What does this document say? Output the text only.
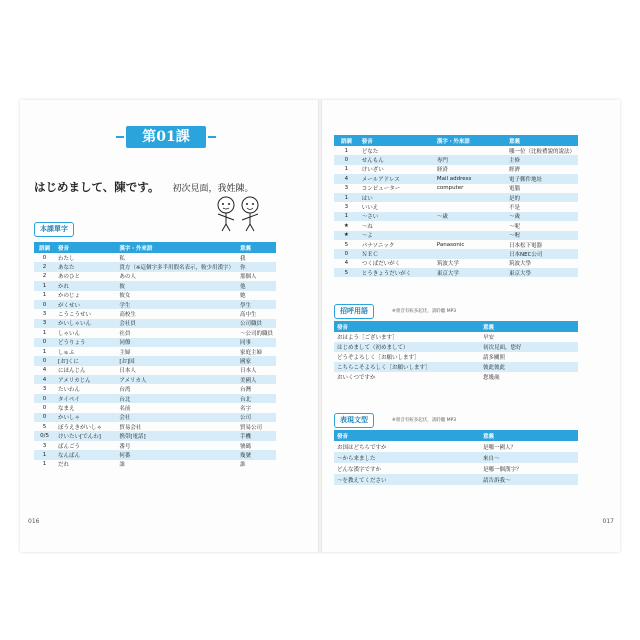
第01課
はじめまして、陳です。 初次見面，我姓陳。
本課單字
語調	發音	漢字・外來語	意義
0	わたし	私	我
2	あなた	貴方（※這個字多半用假名表示，較少用漢字）	你
2	あのひと	あの人	那個人
1	かれ	彼	他
1	かのじょ	彼女	她
0	がくせい	学生	學生
3	こうこうせい	高校生	高中生
3	かいしゃいん	会社員	公司職員
1	しゃいん	社員	～公司的職員
0	どうりょう	同僚	同事
1	しゅふ	主婦	家庭主婦
0	[お]くに	[お]国	國家
4	にほんじん	日本人	日本人
4	アメリカじん	アメリカ人	美國人
3	たいわん	台湾	台灣
0	タイペイ	台北	台北
0	なまえ	名前	名字
0	かいしゃ	会社	公司
5	ぼうえきがいしゃ	貿易会社	貿易公司
0/5	けいたい[でんわ]	携帯[電話]	手機
3	ばんごう	番号	號碼
1	なんばん	何番	幾號
1	だれ	誰	誰
016
語調	發音	漢字・外來語	意義
1	どなた		哪一位（比較禮貌的說法）
0	せんもん	専門	主修
1	けいざい	経済	經濟
4	メールアドレス	Mail address	電子郵件地址
3	コンピューター	computer	電腦
1	はい		是的
3	いいえ		不是
1	～さい	～歳	～歲
★	～ね		～呢
★	～よ		～喔
5	パナソニック	Panasonic	日本松下電器
0	ＮＥＣ		日本NEC公司
4	つくばだいがく	筑波大学	筑波大學
5	とうきょうだいがく	東京大学	東京大學
招呼用語	※發音有較多起伏，請聆聽 MP3
發音	意義
おはよう［ございます］	早安
はじめまして（初めまして）	初次見面，您好
どうぞよろしく［お願いします］	請多關照
こちらこそよろしく［お願いします］	彼此彼此
おいくつですか	您幾歲
表現文型	※發音有較多起伏，請聆聽 MP3
發音	意義
お国はどちらですか	是哪一國人？
～から来ました	來自～
どんな漢字ですか	是哪一個漢字？
～を教えてください	請告訴我～
017
